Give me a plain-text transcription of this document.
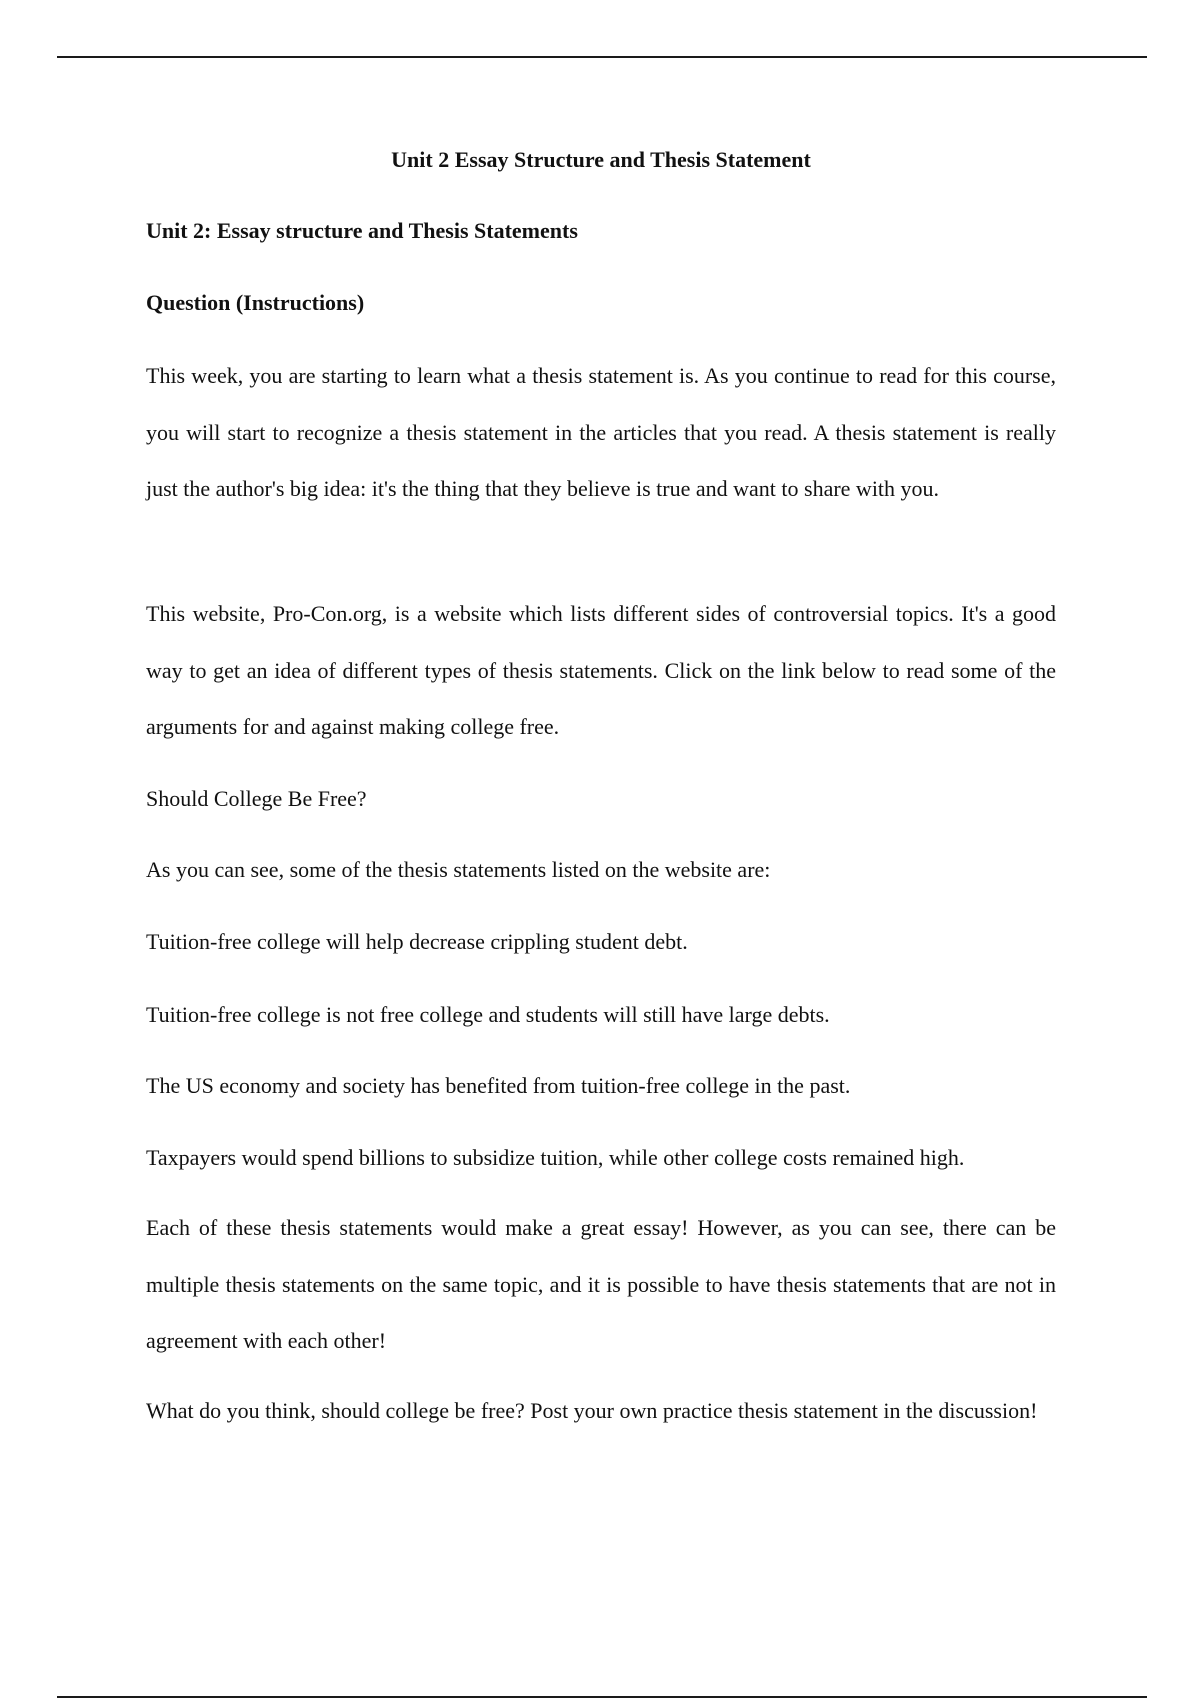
Unit 2 Essay Structure and Thesis Statement
Unit 2: Essay structure and Thesis Statements
Question (Instructions)

This week, you are starting to learn what a thesis statement is. As you continue to read for this course, you will start to recognize a thesis statement in the articles that you read. A thesis statement is really just the author's big idea: it's the thing that they believe is true and want to share with you.

This website, Pro-Con.org, is a website which lists different sides of controversial topics. It's a good way to get an idea of different types of thesis statements. Click on the link below to read some of the arguments for and against making college free.

Should College Be Free?

As you can see, some of the thesis statements listed on the website are:

Tuition-free college will help decrease crippling student debt.

Tuition-free college is not free college and students will still have large debts.

The US economy and society has benefited from tuition-free college in the past.

Taxpayers would spend billions to subsidize tuition, while other college costs remained high.

Each of these thesis statements would make a great essay! However, as you can see, there can be multiple thesis statements on the same topic, and it is possible to have thesis statements that are not in agreement with each other!

What do you think, should college be free? Post your own practice thesis statement in the discussion!
